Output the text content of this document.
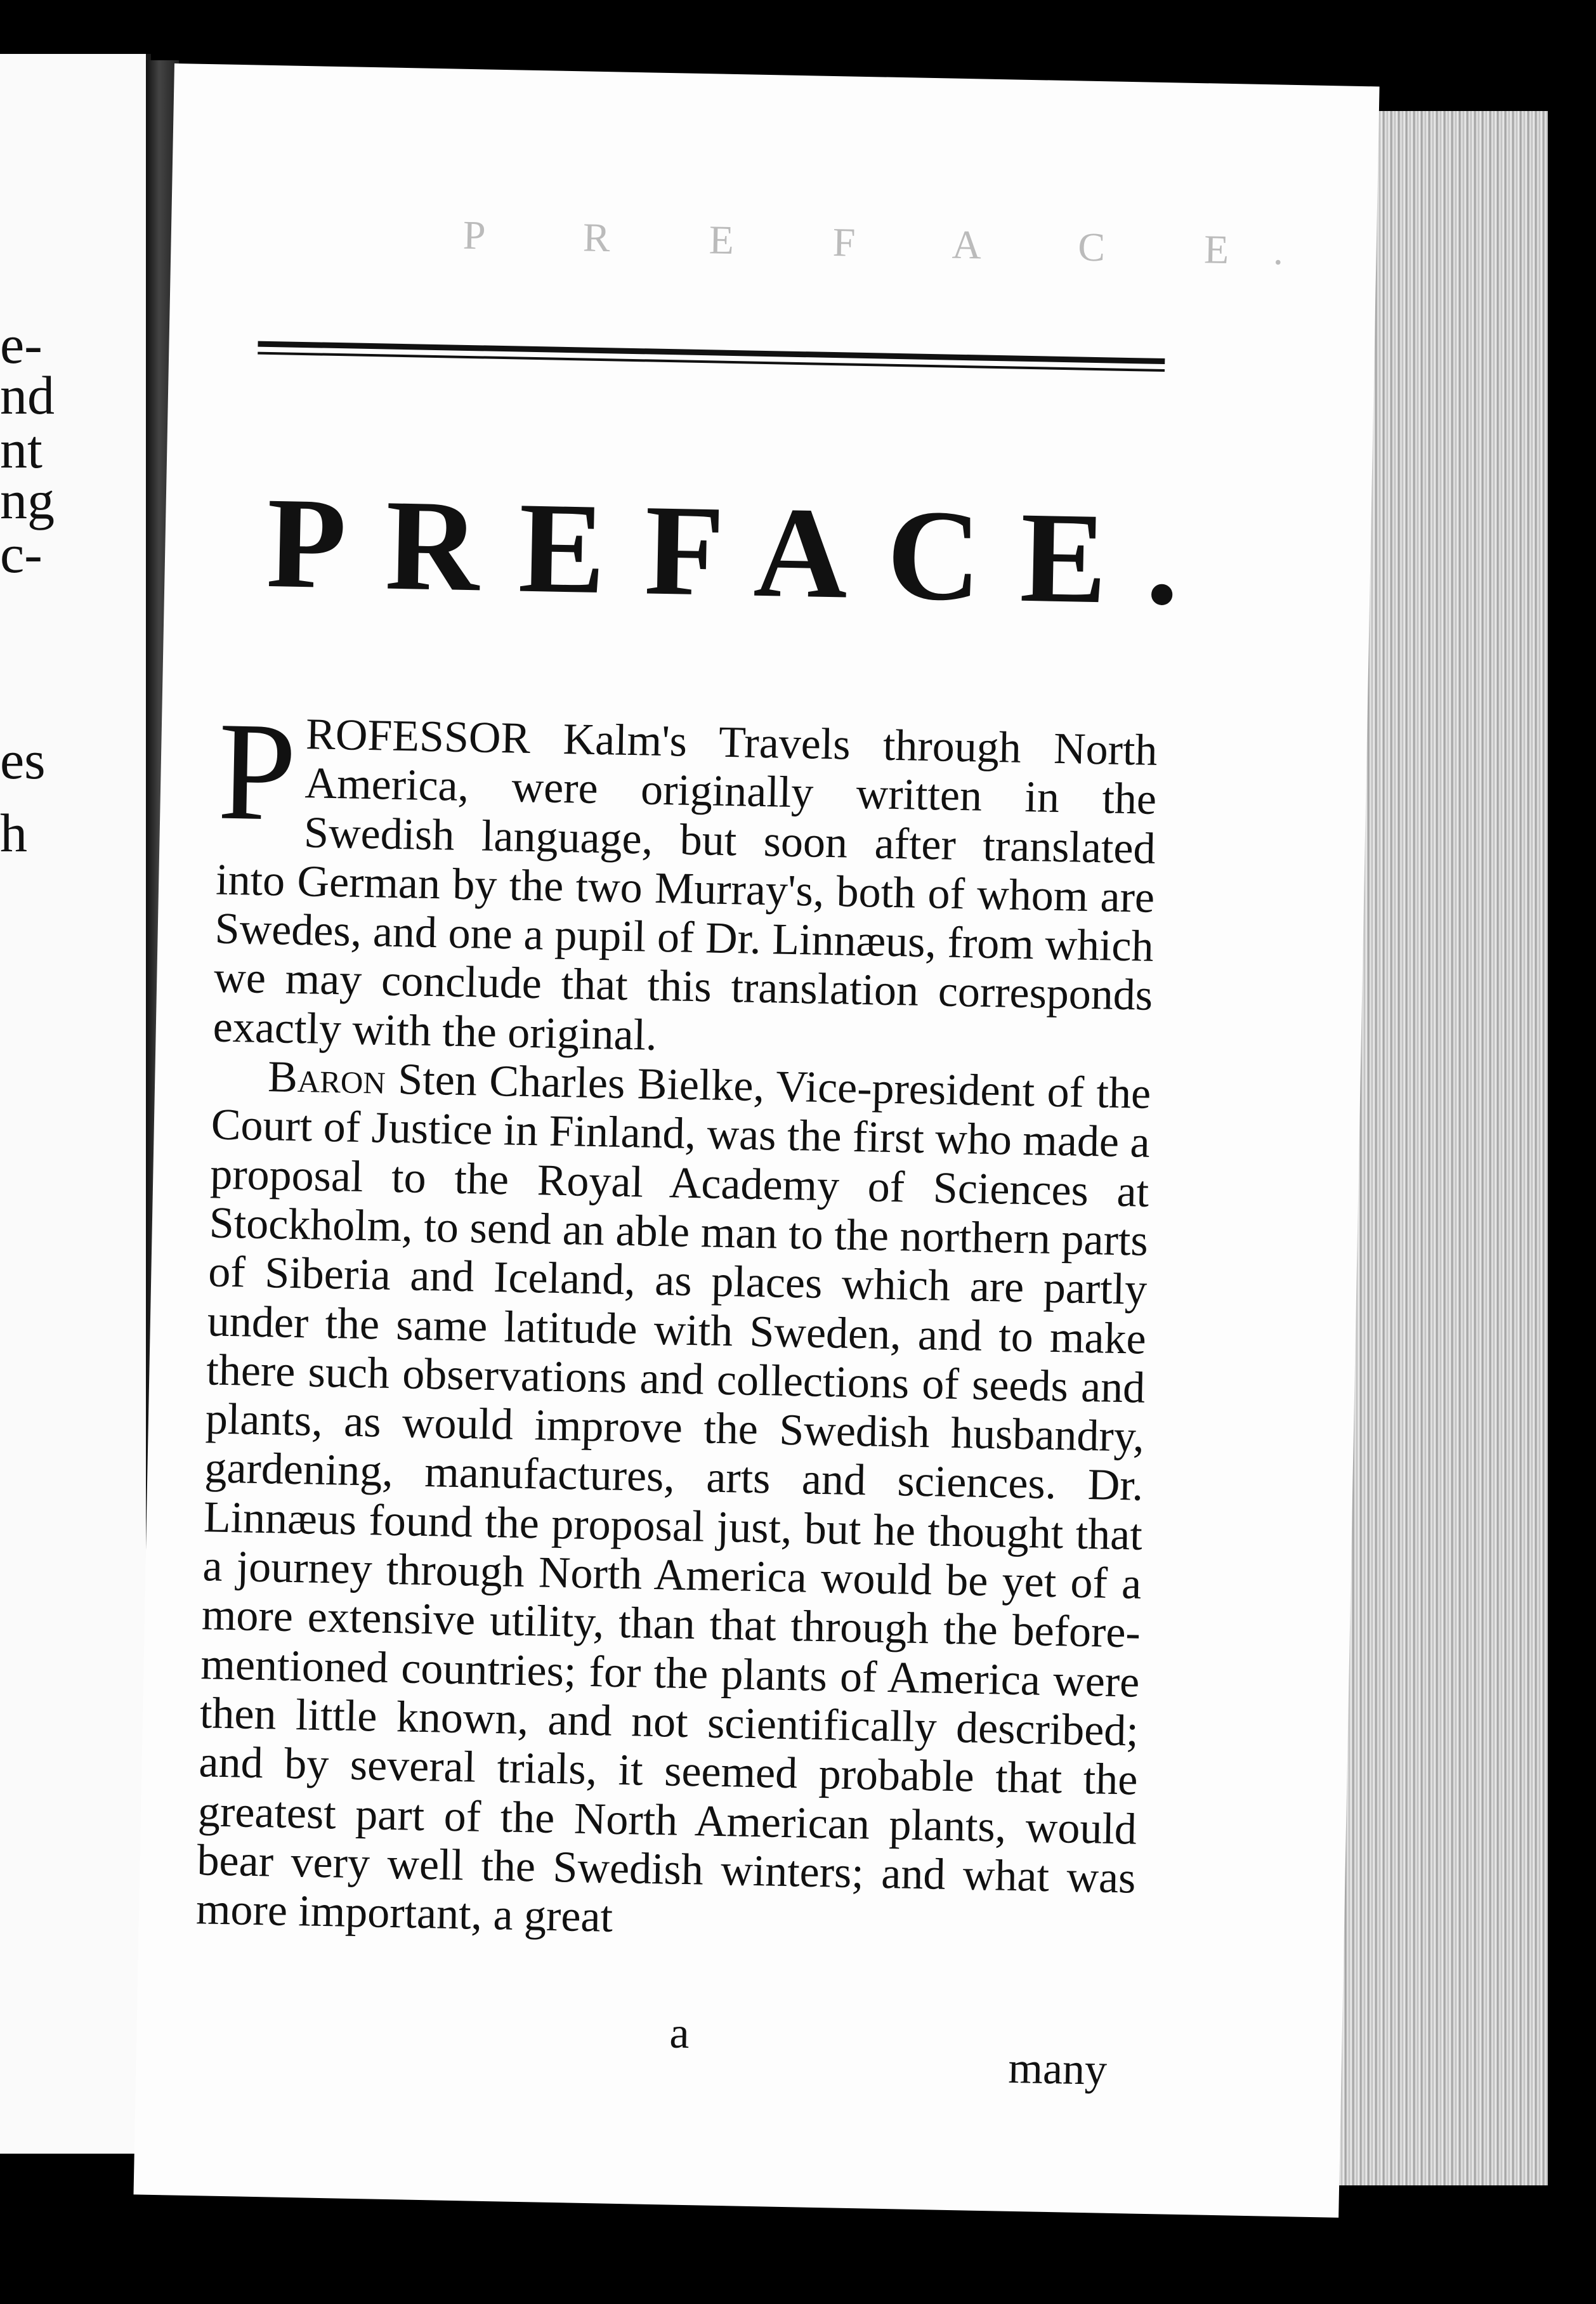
e-
nd
nt
ng
c-
es
h
P R E F A C E.
PREFACE.

PROFESSOR Kalm's Travels through North America, were originally written in the Swedish language, but soon after translated into German by the two Murray's, both of whom are Swedes, and one a pupil of Dr. Linnæus, from which we may conclude that this translation corresponds exactly with the original.

Baron Sten Charles Bielke, Vice-president of the Court of Justice in Finland, was the first who made a proposal to the Royal Academy of Sciences at Stockholm, to send an able man to the northern parts of Siberia and Iceland, as places which are partly under the same latitude with Sweden, and to make there such observations and collections of seeds and plants, as would improve the Swedish husbandry, gardening, manufactures, arts and sciences. Dr. Linnæus found the proposal just, but he thought that a journey through North America would be yet of a more extensive utility, than that through the before-mentioned countries; for the plants of America were then little known, and not scientifically described; and by several trials, it seemed probable that the greatest part of the North American plants, would bear very well the Swedish winters; and what was more important, a great

a
many
